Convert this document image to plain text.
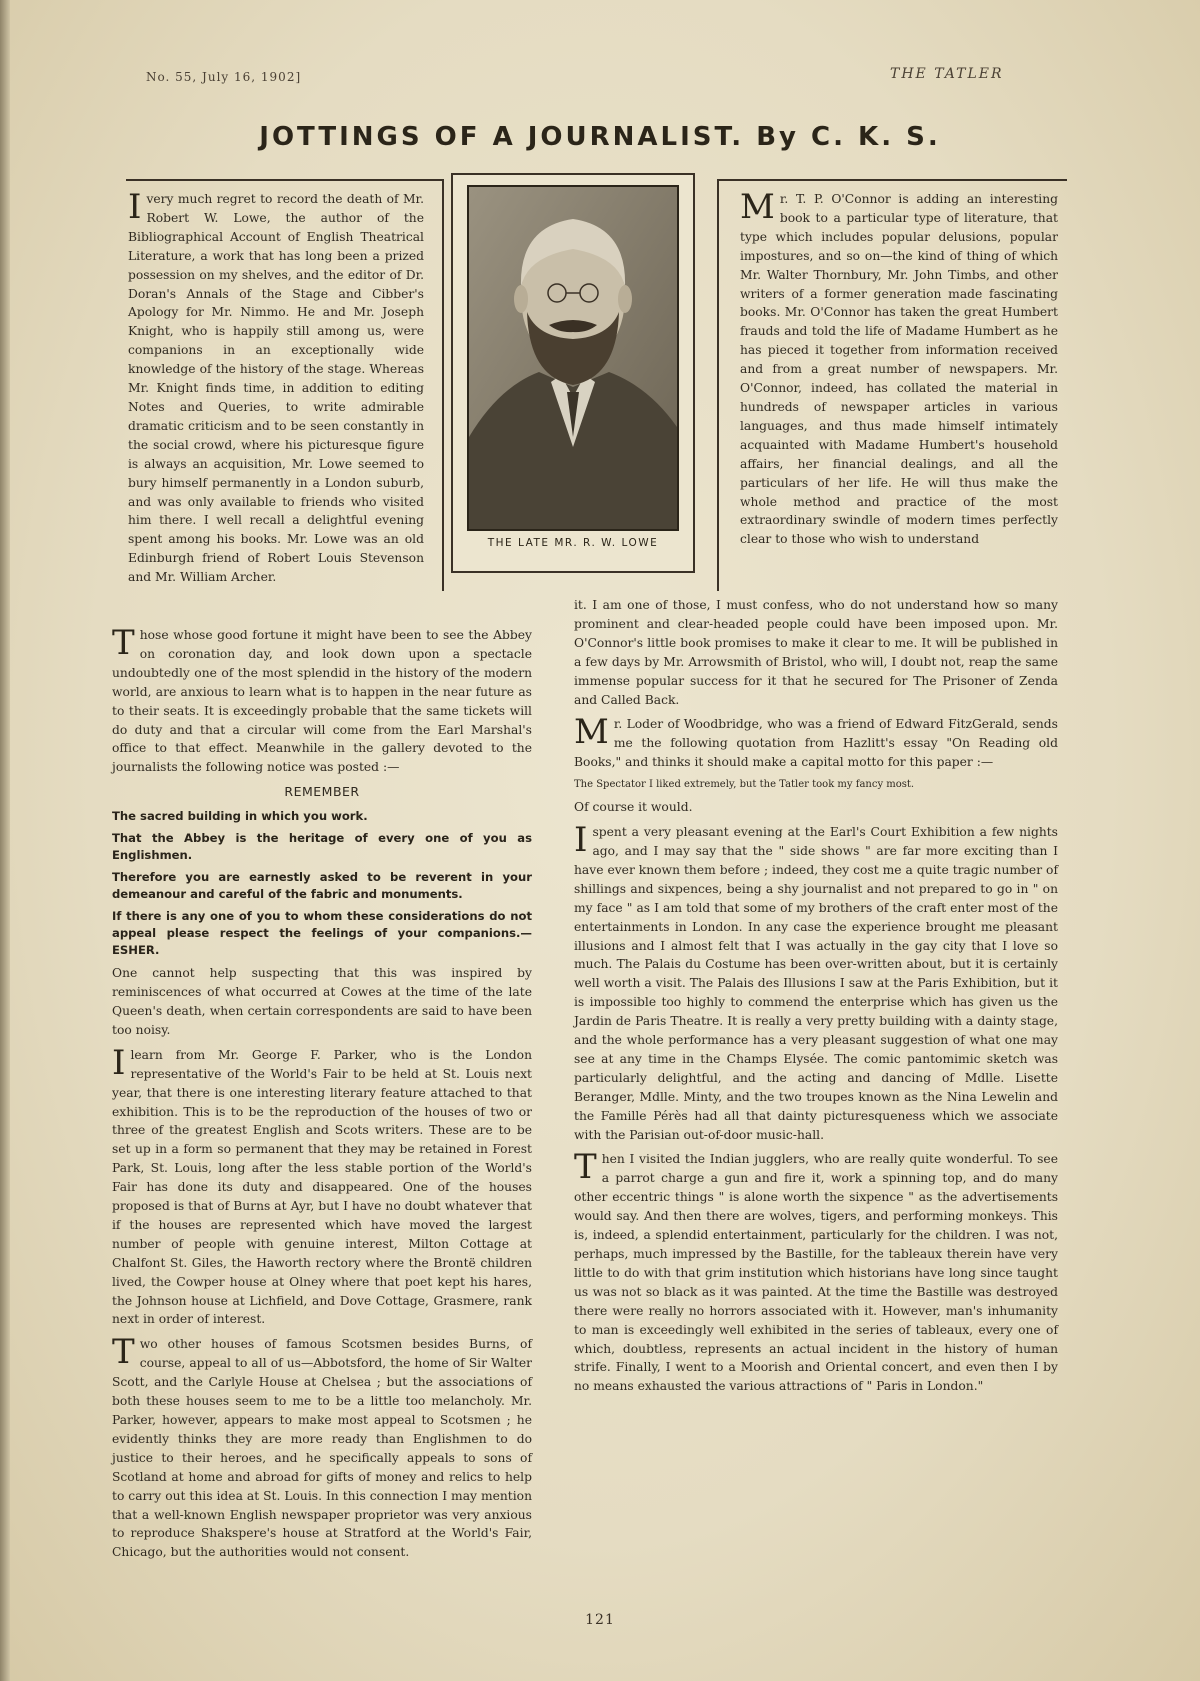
No. 55, July 16, 1902]	THE TATLER
JOTTINGS OF A JOURNALIST. By C. K. S.
THE LATE MR. R. W. LOWE

Ivery much regret to record the death of Mr. Robert W. Lowe, the author of the Bibliographical Account of English Theatrical Literature, a work that has long been a prized possession on my shelves, and the editor of Dr. Doran's Annals of the Stage and Cibber's Apology for Mr. Nimmo. He and Mr. Joseph Knight, who is happily still among us, were companions in an exceptionally wide knowledge of the history of the stage. Whereas Mr. Knight finds time, in addition to editing Notes and Queries, to write admirable dramatic criticism and to be seen constantly in the social crowd, where his picturesque figure is always an acquisition, Mr. Lowe seemed to bury himself permanently in a London suburb, and was only available to friends who visited him there. I well recall a delightful evening spent among his books. Mr. Lowe was an old Edinburgh friend of Robert Louis Stevenson and Mr. William Archer.

Mr. T. P. O'Connor is adding an interesting book to a particular type of literature, that type which includes popular delusions, popular impostures, and so on—the kind of thing of which Mr. Walter Thornbury, Mr. John Timbs, and other writers of a former generation made fascinating books. Mr. O'Connor has taken the great Humbert frauds and told the life of Madame Humbert as he has pieced it together from information received and from a great number of newspapers. Mr. O'Connor, indeed, has collated the material in hundreds of newspaper articles in various languages, and thus made himself intimately acquainted with Madame Humbert's household affairs, her financial dealings, and all the particulars of her life. He will thus make the whole method and practice of the most extraordinary swindle of modern times perfectly clear to those who wish to understand

Those whose good fortune it might have been to see the Abbey on coronation day, and look down upon a spectacle undoubtedly one of the most splendid in the history of the modern world, are anxious to learn what is to happen in the near future as to their seats. It is exceedingly probable that the same tickets will do duty and that a circular will come from the Earl Marshal's office to that effect. Meanwhile in the gallery devoted to the journalists the following notice was posted :—

REMEMBER

The sacred building in which you work.

That the Abbey is the heritage of every one of you as Englishmen.

Therefore you are earnestly asked to be reverent in your demeanour and careful of the fabric and monuments.

If there is any one of you to whom these considerations do not appeal please respect the feelings of your companions.—ESHER.

One cannot help suspecting that this was inspired by reminiscences of what occurred at Cowes at the time of the late Queen's death, when certain correspondents are said to have been too noisy.

Ilearn from Mr. George F. Parker, who is the London representative of the World's Fair to be held at St. Louis next year, that there is one interesting literary feature attached to that exhibition. This is to be the reproduction of the houses of two or three of the greatest English and Scots writers. These are to be set up in a form so permanent that they may be retained in Forest Park, St. Louis, long after the less stable portion of the World's Fair has done its duty and disappeared. One of the houses proposed is that of Burns at Ayr, but I have no doubt whatever that if the houses are represented which have moved the largest number of people with genuine interest, Milton Cottage at Chalfont St. Giles, the Haworth rectory where the Brontë children lived, the Cowper house at Olney where that poet kept his hares, the Johnson house at Lichfield, and Dove Cottage, Grasmere, rank next in order of interest.

Two other houses of famous Scotsmen besides Burns, of course, appeal to all of us—Abbotsford, the home of Sir Walter Scott, and the Carlyle House at Chelsea ; but the associations of both these houses seem to me to be a little too melancholy. Mr. Parker, however, appears to make most appeal to Scotsmen ; he evidently thinks they are more ready than Englishmen to do justice to their heroes, and he specifically appeals to sons of Scotland at home and abroad for gifts of money and relics to help to carry out this idea at St. Louis. In this connection I may mention that a well-known English newspaper proprietor was very anxious to reproduce Shakspere's house at Stratford at the World's Fair, Chicago, but the authorities would not consent.

it. I am one of those, I must confess, who do not understand how so many prominent and clear-headed people could have been imposed upon. Mr. O'Connor's little book promises to make it clear to me. It will be published in a few days by Mr. Arrowsmith of Bristol, who will, I doubt not, reap the same immense popular success for it that he secured for The Prisoner of Zenda and Called Back.

Mr. Loder of Woodbridge, who was a friend of Edward FitzGerald, sends me the following quotation from Hazlitt's essay "On Reading old Books," and thinks it should make a capital motto for this paper :—

The Spectator I liked extremely, but the Tatler took my fancy most.

Of course it would.

Ispent a very pleasant evening at the Earl's Court Exhibition a few nights ago, and I may say that the " side shows " are far more exciting than I have ever known them before ; indeed, they cost me a quite tragic number of shillings and sixpences, being a shy journalist and not prepared to go in " on my face " as I am told that some of my brothers of the craft enter most of the entertainments in London. In any case the experience brought me pleasant illusions and I almost felt that I was actually in the gay city that I love so much. The Palais du Costume has been over-written about, but it is certainly well worth a visit. The Palais des Illusions I saw at the Paris Exhibition, but it is impossible too highly to commend the enterprise which has given us the Jardin de Paris Theatre. It is really a very pretty building with a dainty stage, and the whole performance has a very pleasant suggestion of what one may see at any time in the Champs Elysée. The comic pantomimic sketch was particularly delightful, and the acting and dancing of Mdlle. Lisette Beranger, Mdlle. Minty, and the two troupes known as the Nina Lewelin and the Famille Pérès had all that dainty picturesqueness which we associate with the Parisian out-of-door music-hall.

Then I visited the Indian jugglers, who are really quite wonderful. To see a parrot charge a gun and fire it, work a spinning top, and do many other eccentric things " is alone worth the sixpence " as the advertisements would say. And then there are wolves, tigers, and performing monkeys. This is, indeed, a splendid entertainment, particularly for the children. I was not, perhaps, much impressed by the Bastille, for the tableaux therein have very little to do with that grim institution which historians have long since taught us was not so black as it was painted. At the time the Bastille was destroyed there were really no horrors associated with it. However, man's inhumanity to man is exceedingly well exhibited in the series of tableaux, every one of which, doubtless, represents an actual incident in the history of human strife. Finally, I went to a Moorish and Oriental concert, and even then I by no means exhausted the various attractions of " Paris in London."

121
